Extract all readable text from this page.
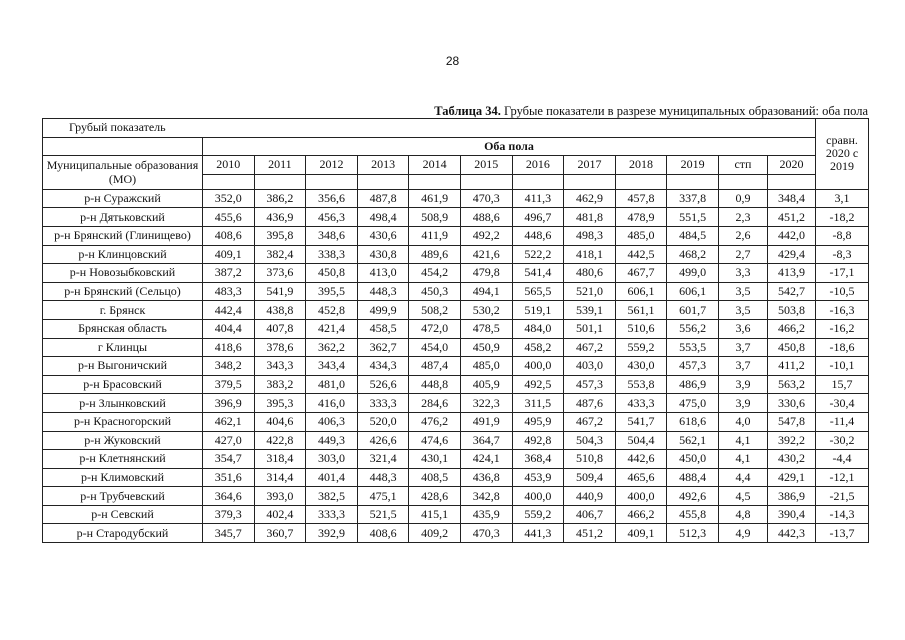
28
Таблица 34. Грубые показатели в разрезе муниципальных образований: оба пола
Грубый показатель													сравн. 2020 с 2019
	Оба пола												
Муниципальные образования (МО)	2010	2011	2012	2013	2014	2015	2016	2017	2018	2019	стп	2020	

р-н Суражский	352,0	386,2	356,6	487,8	461,9	470,3	411,3	462,9	457,8	337,8	0,9	348,4	3,1
р-н Дятьковский	455,6	436,9	456,3	498,4	508,9	488,6	496,7	481,8	478,9	551,5	2,3	451,2	-18,2
р-н Брянский (Глинищево)	408,6	395,8	348,6	430,6	411,9	492,2	448,6	498,3	485,0	484,5	2,6	442,0	-8,8
р-н Клинцовский	409,1	382,4	338,3	430,8	489,6	421,6	522,2	418,1	442,5	468,2	2,7	429,4	-8,3
р-н Новозыбковский	387,2	373,6	450,8	413,0	454,2	479,8	541,4	480,6	467,7	499,0	3,3	413,9	-17,1
р-н Брянский (Сельцо)	483,3	541,9	395,5	448,3	450,3	494,1	565,5	521,0	606,1	606,1	3,5	542,7	-10,5
г. Брянск	442,4	438,8	452,8	499,9	508,2	530,2	519,1	539,1	561,1	601,7	3,5	503,8	-16,3
Брянская область	404,4	407,8	421,4	458,5	472,0	478,5	484,0	501,1	510,6	556,2	3,6	466,2	-16,2
г Клинцы	418,6	378,6	362,2	362,7	454,0	450,9	458,2	467,2	559,2	553,5	3,7	450,8	-18,6
р-н Выгоничский	348,2	343,3	343,4	434,3	487,4	485,0	400,0	403,0	430,0	457,3	3,7	411,2	-10,1
р-н Брасовский	379,5	383,2	481,0	526,6	448,8	405,9	492,5	457,3	553,8	486,9	3,9	563,2	15,7
р-н Злынковский	396,9	395,3	416,0	333,3	284,6	322,3	311,5	487,6	433,3	475,0	3,9	330,6	-30,4
р-н Красногорский	462,1	404,6	406,3	520,0	476,2	491,9	495,9	467,2	541,7	618,6	4,0	547,8	-11,4
р-н Жуковский	427,0	422,8	449,3	426,6	474,6	364,7	492,8	504,3	504,4	562,1	4,1	392,2	-30,2
р-н Клетнянский	354,7	318,4	303,0	321,4	430,1	424,1	368,4	510,8	442,6	450,0	4,1	430,2	-4,4
р-н Климовский	351,6	314,4	401,4	448,3	408,5	436,8	453,9	509,4	465,6	488,4	4,4	429,1	-12,1
р-н Трубчевский	364,6	393,0	382,5	475,1	428,6	342,8	400,0	440,9	400,0	492,6	4,5	386,9	-21,5
р-н Севский	379,3	402,4	333,3	521,5	415,1	435,9	559,2	406,7	466,2	455,8	4,8	390,4	-14,3
р-н Стародубский	345,7	360,7	392,9	408,6	409,2	470,3	441,3	451,2	409,1	512,3	4,9	442,3	-13,7
